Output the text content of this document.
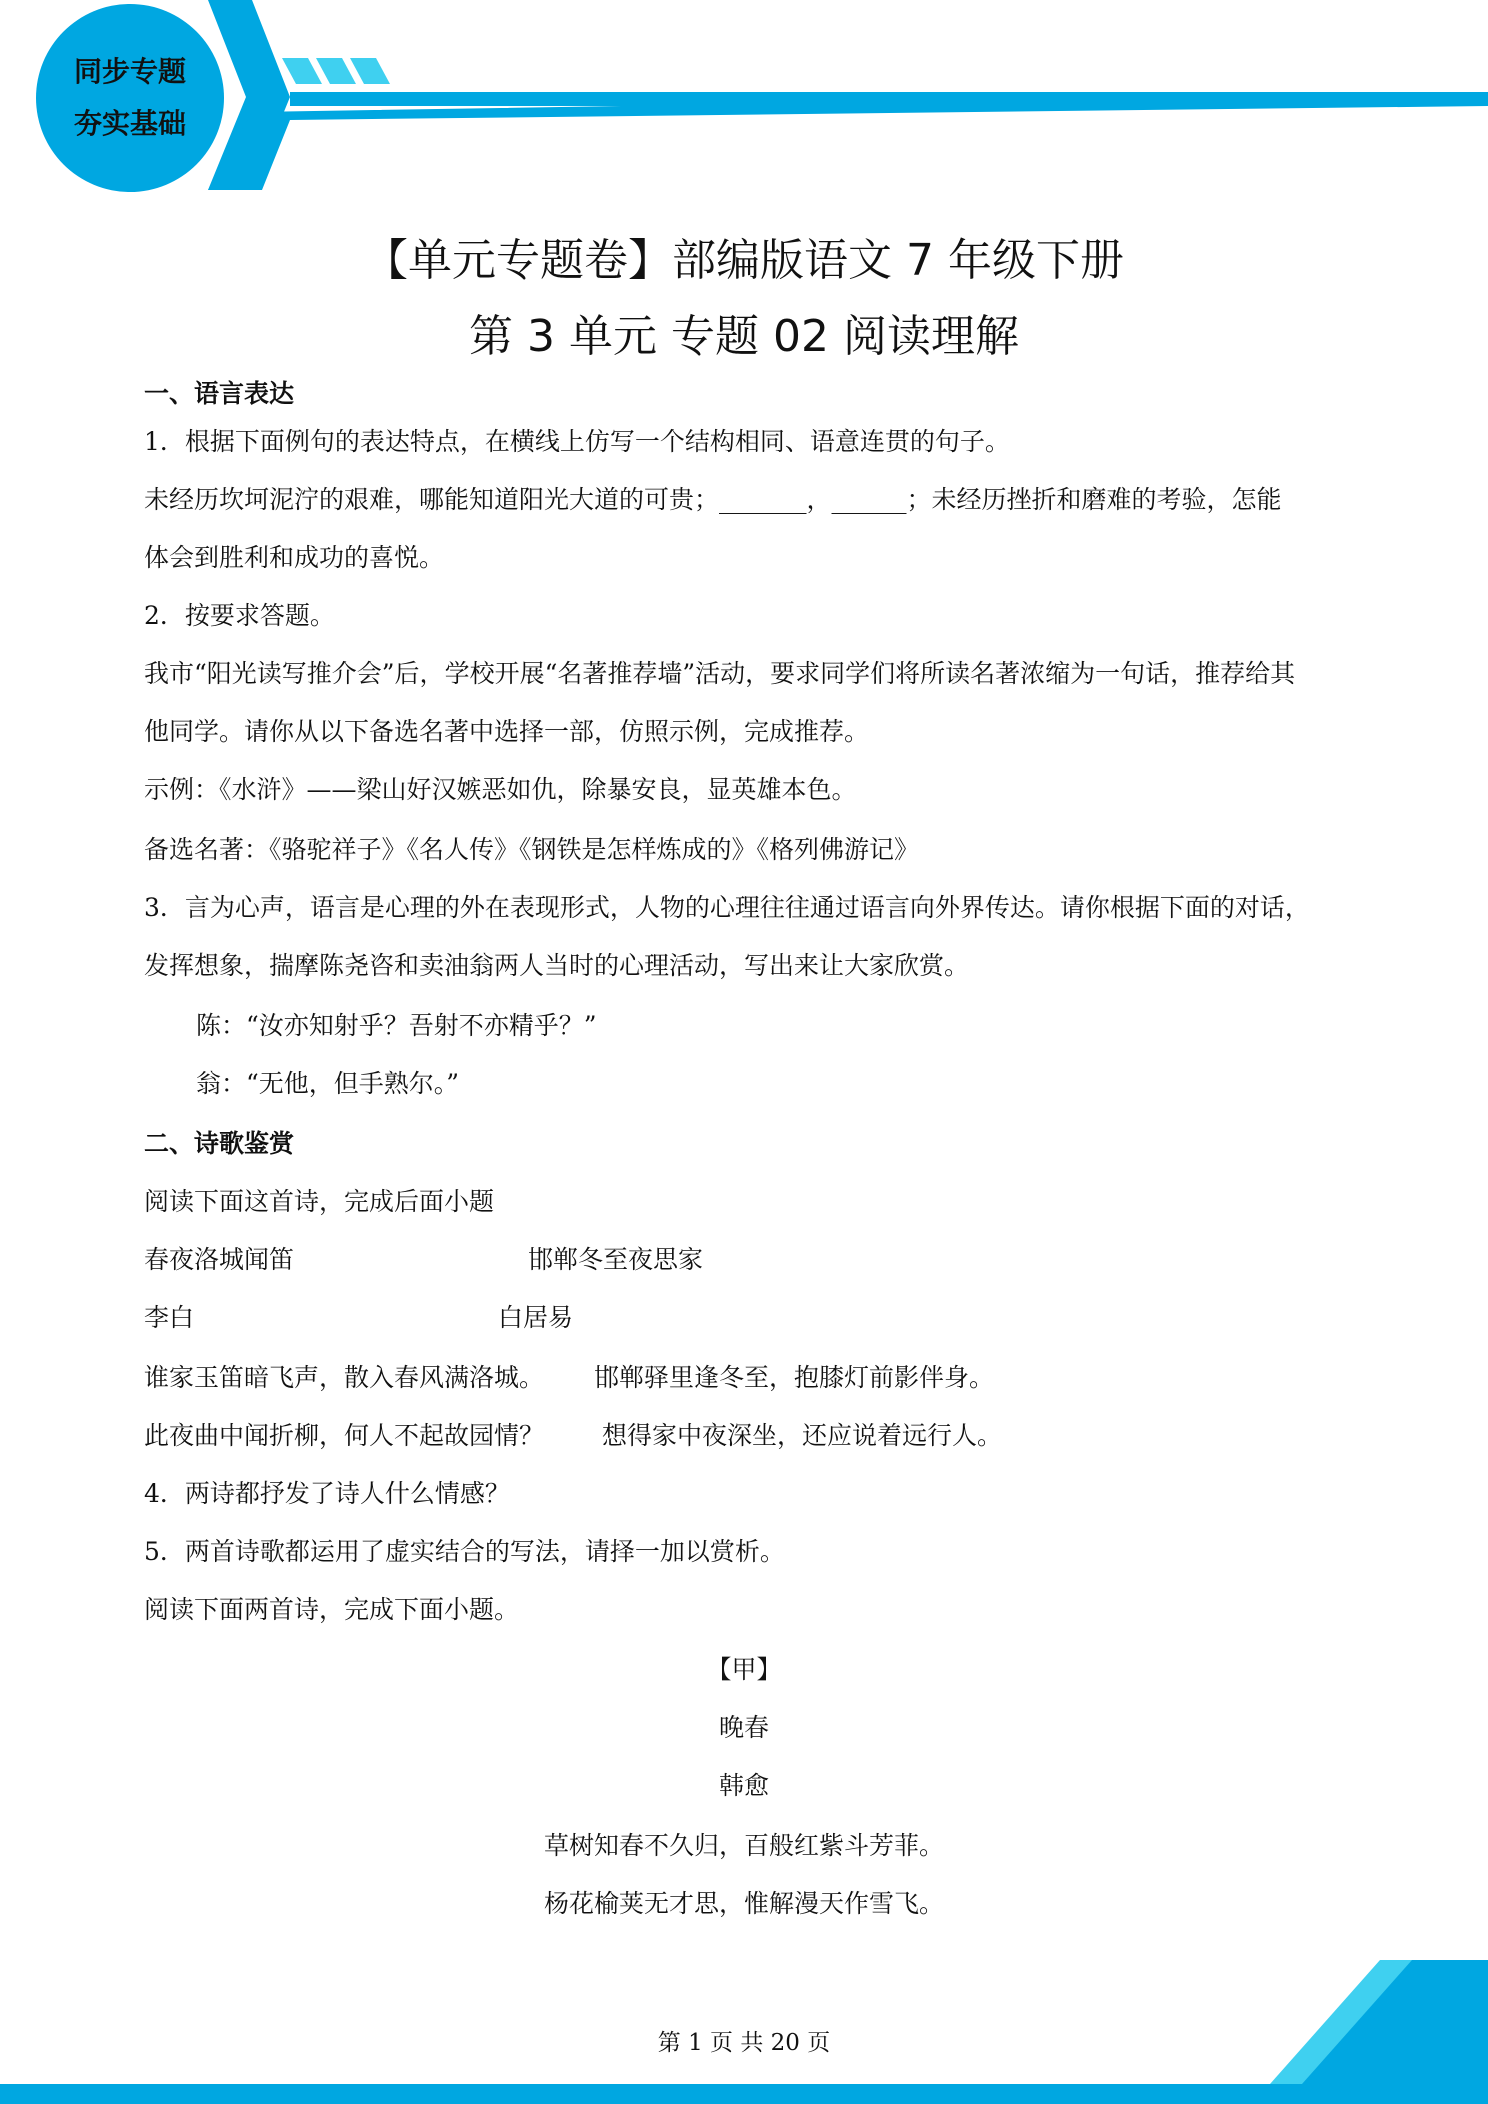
同步专题
夯实基础
【单元专题卷】部编版语文 7 年级下册
第 3 单元 专题 02 阅读理解
一、语言表达
1．根据下面例句的表达特点，在横线上仿写一个结构相同、语意连贯的句子。
未经历坎坷泥泞的艰难，哪能知道阳光大道的可贵；_______，______；未经历挫折和磨难的考验，怎能
体会到胜利和成功的喜悦。
2．按要求答题。
我市“阳光读写推介会”后，学校开展“名著推荐墙”活动，要求同学们将所读名著浓缩为一句话，推荐给其
他同学。请你从以下备选名著中选择一部，仿照示例，完成推荐。
示例：《水浒》——梁山好汉嫉恶如仇，除暴安良，显英雄本色。
备选名著：《骆驼祥子》《名人传》《钢铁是怎样炼成的》《格列佛游记》
3．言为心声，语言是心理的外在表现形式，人物的心理往往通过语言向外界传达。请你根据下面的对话，
发挥想象，揣摩陈尧咨和卖油翁两人当时的心理活动，写出来让大家欣赏。
陈：“汝亦知射乎？吾射不亦精乎？”
翁：“无他，但手熟尔。”
二、诗歌鉴赏
阅读下面这首诗，完成后面小题
春夜洛城闻笛	邯郸冬至夜思家
李白	白居易
谁家玉笛暗飞声，散入春风满洛城。 邯郸驿里逢冬至，抱膝灯前影伴身。
此夜曲中闻折柳，何人不起故园情？ 想得家中夜深坐，还应说着远行人。
4．两诗都抒发了诗人什么情感？
5．两首诗歌都运用了虚实结合的写法，请择一加以赏析。
阅读下面两首诗，完成下面小题。
【甲】
晚春
韩愈
草树知春不久归，百般红紫斗芳菲。
杨花榆荚无才思，惟解漫天作雪飞。
第 1 页 共 20 页
